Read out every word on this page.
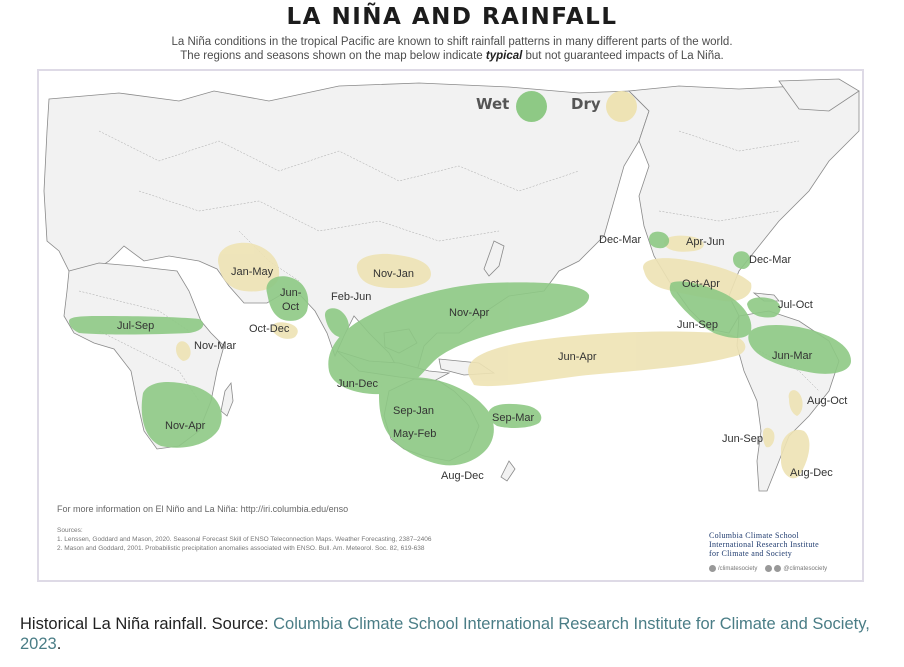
LA NIÑA AND RAINFALL
La Niña conditions in the tropical Pacific are known to shift rainfall patterns in many different parts of the world.
The regions and seasons shown on the map below indicate typical but not guaranteed impacts of La Niña.
Jul-Sep
Nov-Mar
Nov-Apr
Jan-May
Jun-
Oct
Oct-Dec
Feb-Jun
Nov-Jan
Nov-Apr
Jun-Dec
Sep-Jan
May-Feb
Sep-Mar
Aug-Dec
Jun-Apr
Dec-Mar	Apr-Jun
Dec-Mar
Oct-Apr
Jul-Oct
Jun-Sep
Jun-Mar
Aug-Oct
Jun-Sep
Aug-Dec
Wet	Dry
For more information on El Niño and La Niña: http://iri.columbia.edu/enso
Sources:
1. Lenssen, Goddard and Mason, 2020. Seasonal Forecast Skill of ENSO Teleconnection Maps. Weather Forecasting, 2387–2406
2. Mason and Goddard, 2001. Probabilistic precipitation anomalies associated with ENSO. Bull. Am. Meteorol. Soc. 82, 619-638
Columbia Climate School
International Research Institute
for Climate and Society
/climatesociety	@climatesociety
Historical La Niña rainfall. Source: Columbia Climate School International Research Institute for Climate and Society, 2023.
